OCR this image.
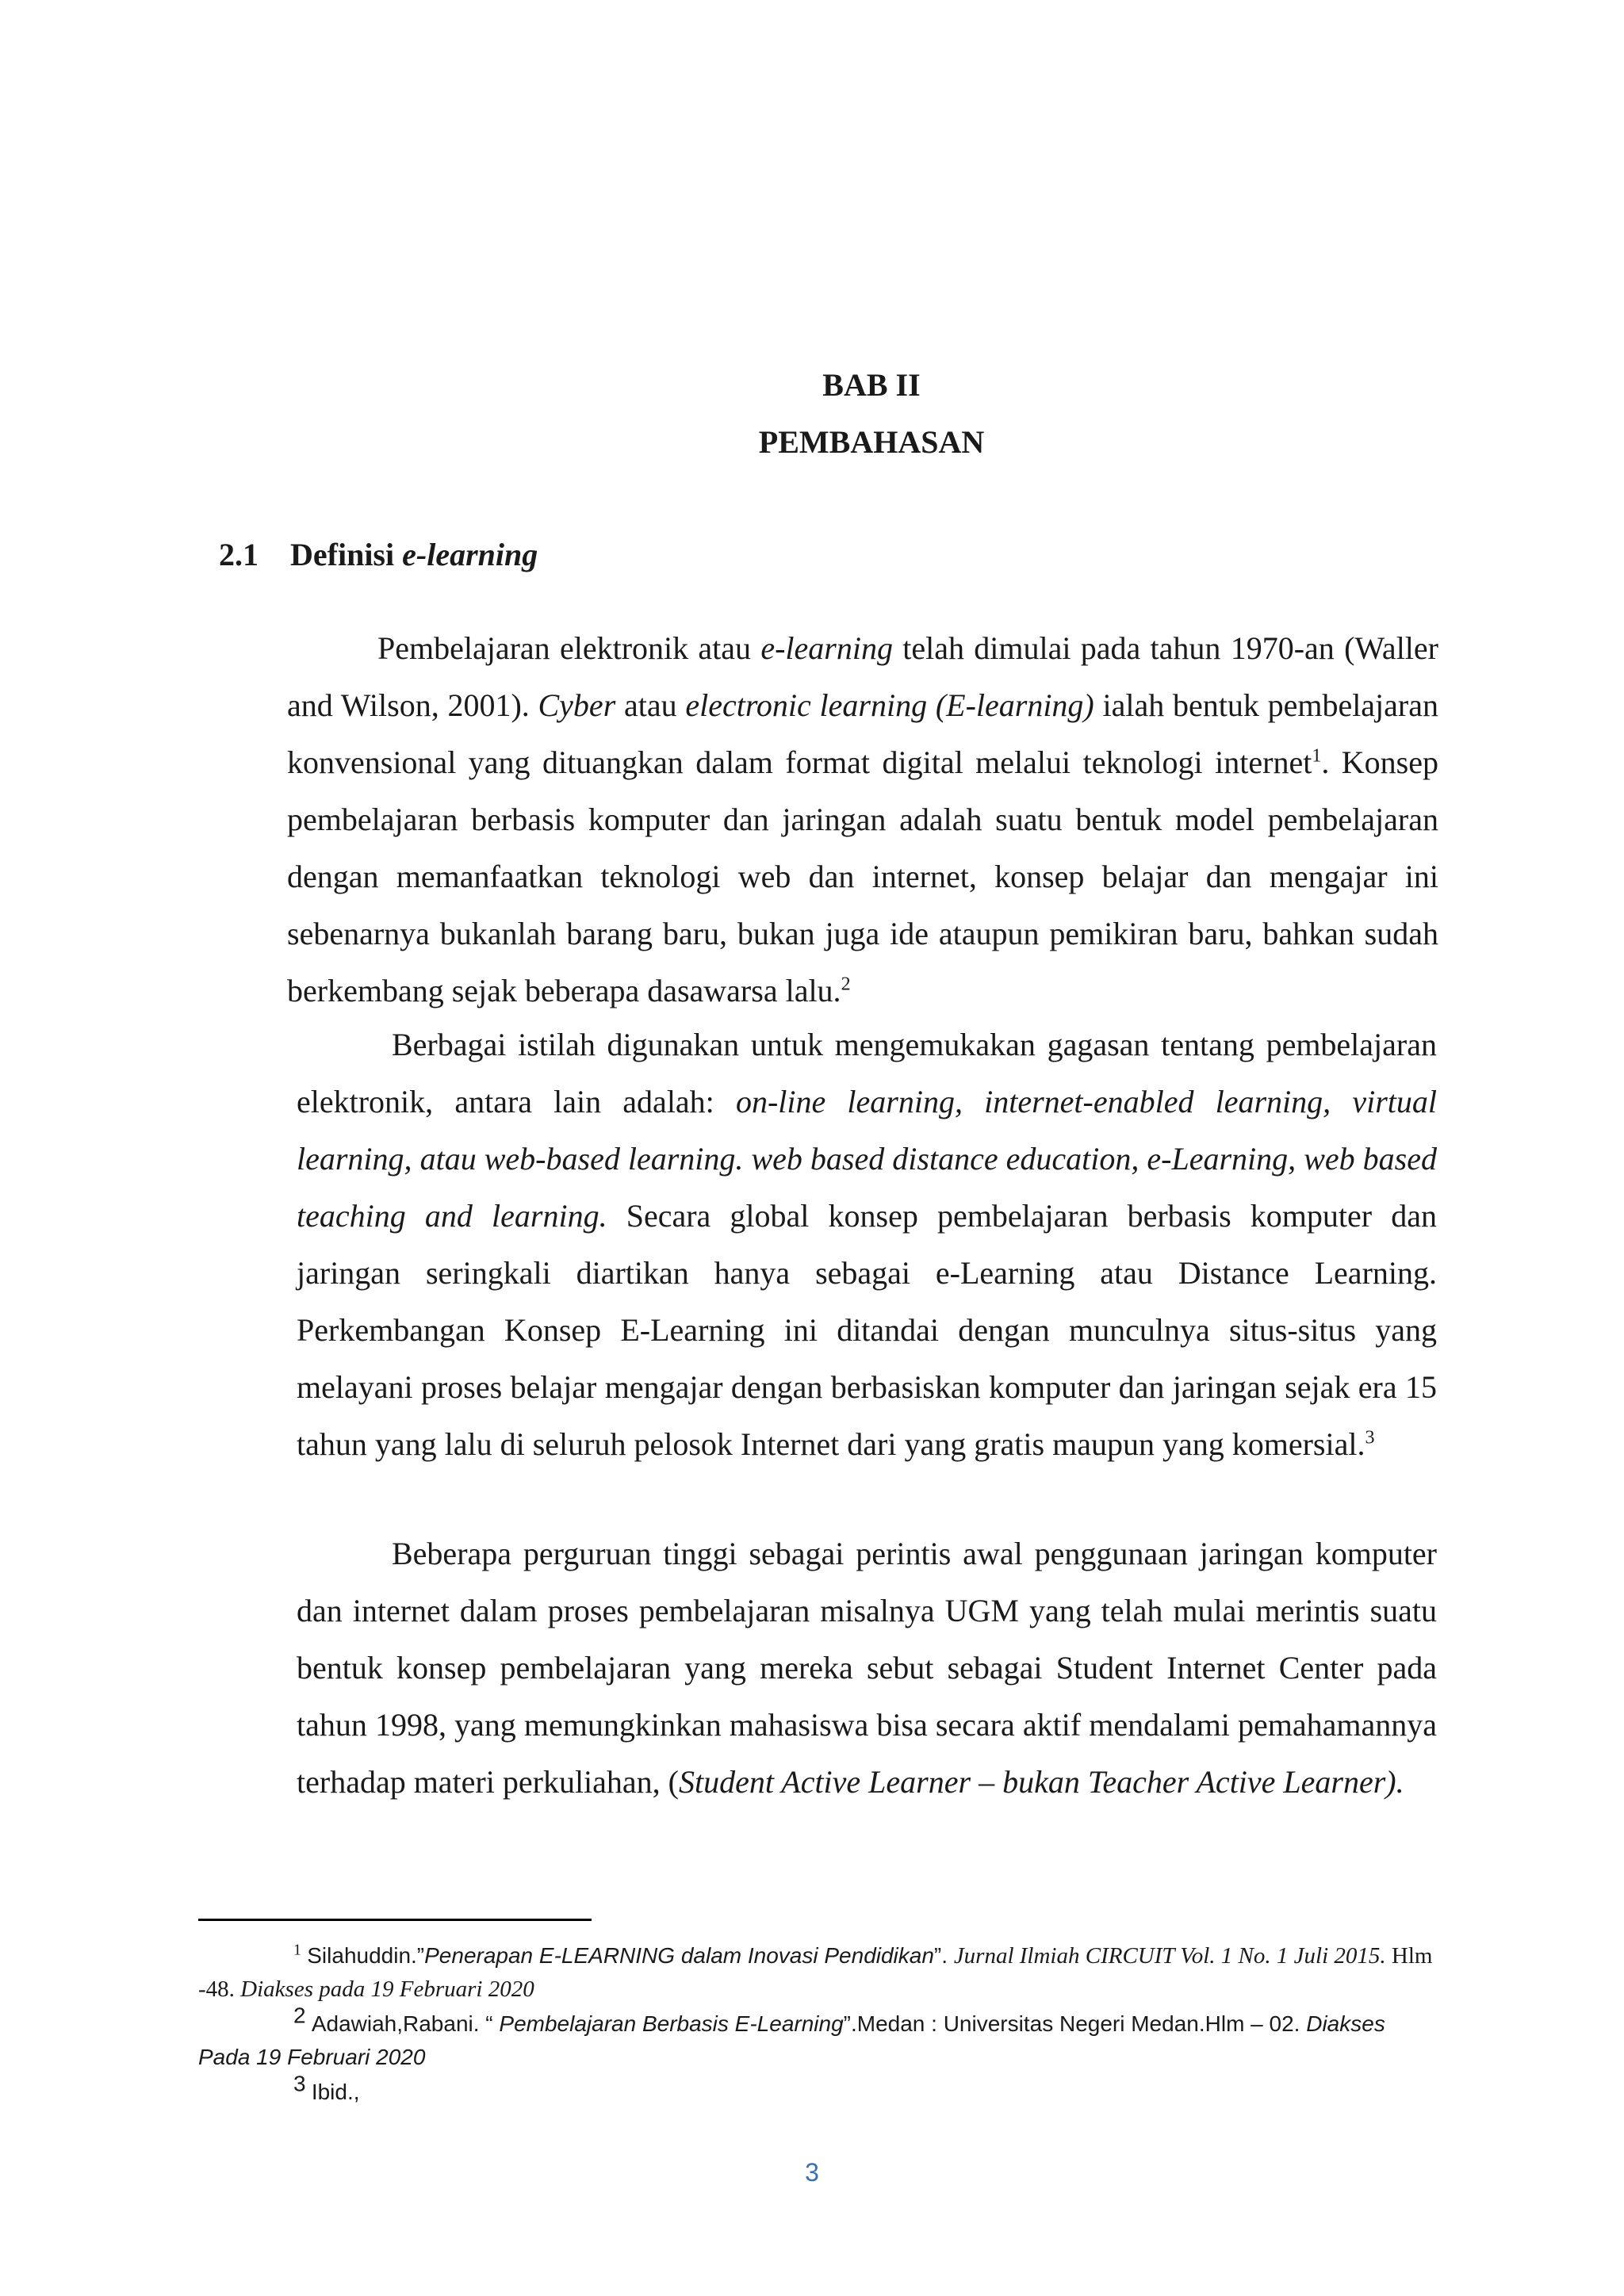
BAB II
PEMBAHASAN
2.1 Definisi e-learning

Pembelajaran elektronik atau e-learning telah dimulai pada tahun 1970-an (Waller and Wilson, 2001). Cyber atau electronic learning (E-learning) ialah bentuk pembelajaran konvensional yang dituangkan dalam format digital melalui teknologi internet$^1$. Konsep pembelajaran berbasis komputer dan jaringan adalah suatu bentuk model pembelajaran dengan memanfaatkan teknologi web dan internet, konsep belajar dan mengajar ini sebenarnya bukanlah barang baru, bukan juga ide ataupun pemikiran baru, bahkan sudah berkembang sejak beberapa dasawarsa lalu.$^2$

Berbagai istilah digunakan untuk mengemukakan gagasan tentang pembelajaran elektronik, antara lain adalah: on-line learning, internet-enabled learning, virtual learning, atau web-based learning. web based distance education, e-Learning, web based teaching and learning. Secara global konsep pembelajaran berbasis komputer dan jaringan seringkali diartikan hanya sebagai e-Learning atau Distance Learning. Perkembangan Konsep E-Learning ini ditandai dengan munculnya situs-situs yang melayani proses belajar mengajar dengan berbasiskan komputer dan jaringan sejak era 15 tahun yang lalu di seluruh pelosok Internet dari yang gratis maupun yang komersial.$^3$

Beberapa perguruan tinggi sebagai perintis awal penggunaan jaringan komputer dan internet dalam proses pembelajaran misalnya UGM yang telah mulai merintis suatu bentuk konsep pembelajaran yang mereka sebut sebagai Student Internet Center pada tahun 1998, yang memungkinkan mahasiswa bisa secara aktif mendalami pemahamannya terhadap materi perkuliahan, (Student Active Learner – bukan Teacher Active Learner).

$^1$ Silahuddin.”Penerapan E-LEARNING dalam Inovasi Pendidikan”. Jurnal Ilmiah CIRCUIT Vol. 1 No. 1 Juli 2015. Hlm -48. Diakses pada 19 Februari 2020
$^2$ Adawiah,Rabani. “ Pembelajaran Berbasis E-Learning”.Medan : Universitas Negeri Medan.Hlm – 02. Diakses Pada 19 Februari 2020
$^3$ Ibid.,
3
